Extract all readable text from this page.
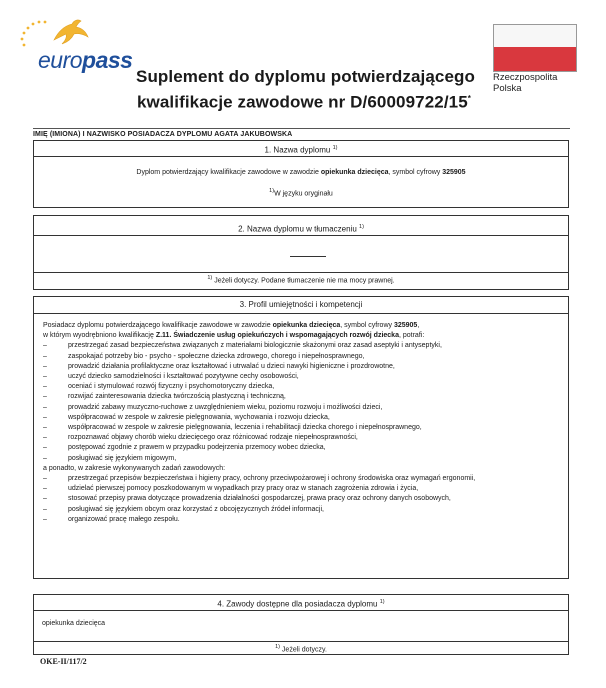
europass
Rzeczpospolita
Polska
Suplement do dyplomu potwierdzającego
kwalifikacje zawodowe nr D/60009722/15*
IMIĘ (IMIONA) I NAZWISKO POSIADACZA DYPLOMU AGATA JAKUBOWSKA
1. Nazwa dyplomu $^{1)}$
Dyplom potwierdzający kwalifikacje zawodowe w zawodzie opiekunka dziecięca, symbol cyfrowy 325905
$^{1)}$W języku oryginału
2. Nazwa dyplomu w tłumaczeniu $^{1)}$
$^{1)}$ Jeżeli dotyczy. Podane tłumaczenie nie ma mocy prawnej.
3. Profil umiejętności i kompetencji
Posiadacz dyplomu potwierdzającego kwalifikacje zawodowe w zawodzie opiekunka dziecięca, symbol cyfrowy 325905,
w którym wyodrębniono kwalifikację Z.11. Świadczenie usług opiekuńczych i wspomagających rozwój dziecka, potrafi:
– przestrzegać zasad bezpieczeństwa związanych z materiałami biologicznie skażonymi oraz zasad aseptyki i antyseptyki,
– zaspokajać potrzeby bio - psycho - społeczne dziecka zdrowego, chorego i niepełnosprawnego,
– prowadzić działania profilaktyczne oraz kształtować i utrwalać u dzieci nawyki higieniczne i prozdrowotne,
– uczyć dziecko samodzielności i kształtować pozytywne cechy osobowości,
– oceniać i stymulować rozwój fizyczny i psychomotoryczny dziecka,
– rozwijać zainteresowania dziecka twórczością plastyczną i techniczną,
– prowadzić zabawy muzyczno-ruchowe z uwzględnieniem wieku, poziomu rozwoju i możliwości dzieci,
– współpracować w zespole w zakresie pielęgnowania, wychowania i rozwoju dziecka,
– współpracować w zespole w zakresie pielęgnowania, leczenia i rehabilitacji dziecka chorego i niepełnosprawnego,
– rozpoznawać objawy chorób wieku dziecięcego oraz różnicować rodzaje niepełnosprawności,
– postępować zgodnie z prawem w przypadku podejrzenia przemocy wobec dziecka,
– posługiwać się językiem migowym,
a ponadto, w zakresie wykonywanych zadań zawodowych:
– przestrzegać przepisów bezpieczeństwa i higieny pracy, ochrony przeciwpożarowej i ochrony środowiska oraz wymagań ergonomii,
– udzielać pierwszej pomocy poszkodowanym w wypadkach przy pracy oraz w stanach zagrożenia zdrowia i życia,
– stosować przepisy prawa dotyczące prowadzenia działalności gospodarczej, prawa pracy oraz ochrony danych osobowych,
– posługiwać się językiem obcym oraz korzystać z obcojęzycznych źródeł informacji,
– organizować pracę małego zespołu.
4. Zawody dostępne dla posiadacza dyplomu $^{1)}$
opiekunka dziecięca
$^{1)}$ Jeżeli dotyczy.
OKE-II/117/2
